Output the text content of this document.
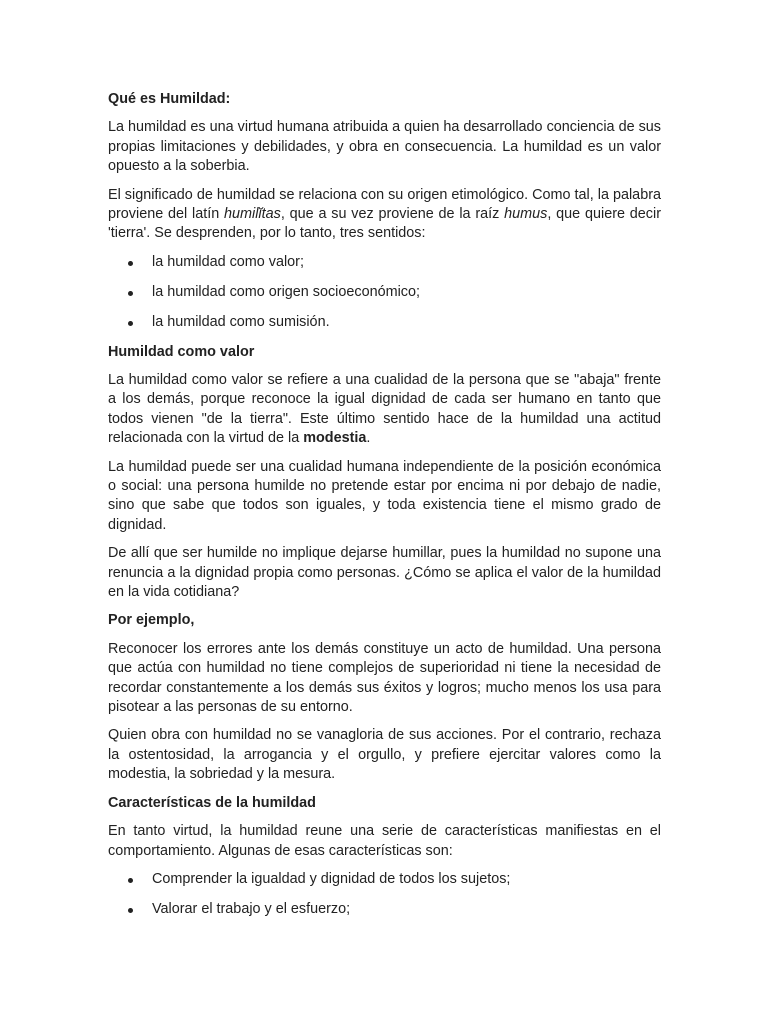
Qué es Humildad:
La humildad es una virtud humana atribuida a quien ha desarrollado conciencia de sus propias limitaciones y debilidades, y obra en consecuencia. La humildad es un valor opuesto a la soberbia.
El significado de humildad se relaciona con su origen etimológico. Como tal, la palabra proviene del latín humilĭtas, que a su vez proviene de la raíz humus, que quiere decir 'tierra'. Se desprenden, por lo tanto, tres sentidos:
la humildad como valor;
la humildad como origen socioeconómico;
la humildad como sumisión.
Humildad como valor
La humildad como valor se refiere a una cualidad de la persona que se "abaja" frente a los demás, porque reconoce la igual dignidad de cada ser humano en tanto que todos vienen "de la tierra". Este último sentido hace de la humildad una actitud relacionada con la virtud de la modestia.
La humildad puede ser una cualidad humana independiente de la posición económica o social: una persona humilde no pretende estar por encima ni por debajo de nadie, sino que sabe que todos son iguales, y toda existencia tiene el mismo grado de dignidad.
De allí que ser humilde no implique dejarse humillar, pues la humildad no supone una renuncia a la dignidad propia como personas. ¿Cómo se aplica el valor de la humildad en la vida cotidiana?
Por ejemplo,
Reconocer los errores ante los demás constituye un acto de humildad. Una persona que actúa con humildad no tiene complejos de superioridad ni tiene la necesidad de recordar constantemente a los demás sus éxitos y logros; mucho menos los usa para pisotear a las personas de su entorno.
Quien obra con humildad no se vanagloria de sus acciones. Por el contrario, rechaza la ostentosidad, la arrogancia y el orgullo, y prefiere ejercitar valores como la modestia, la sobriedad y la mesura.
Características de la humildad
En tanto virtud, la humildad reune una serie de características manifiestas en el comportamiento. Algunas de esas características son:
Comprender la igualdad y dignidad de todos los sujetos;
Valorar el trabajo y el esfuerzo;
